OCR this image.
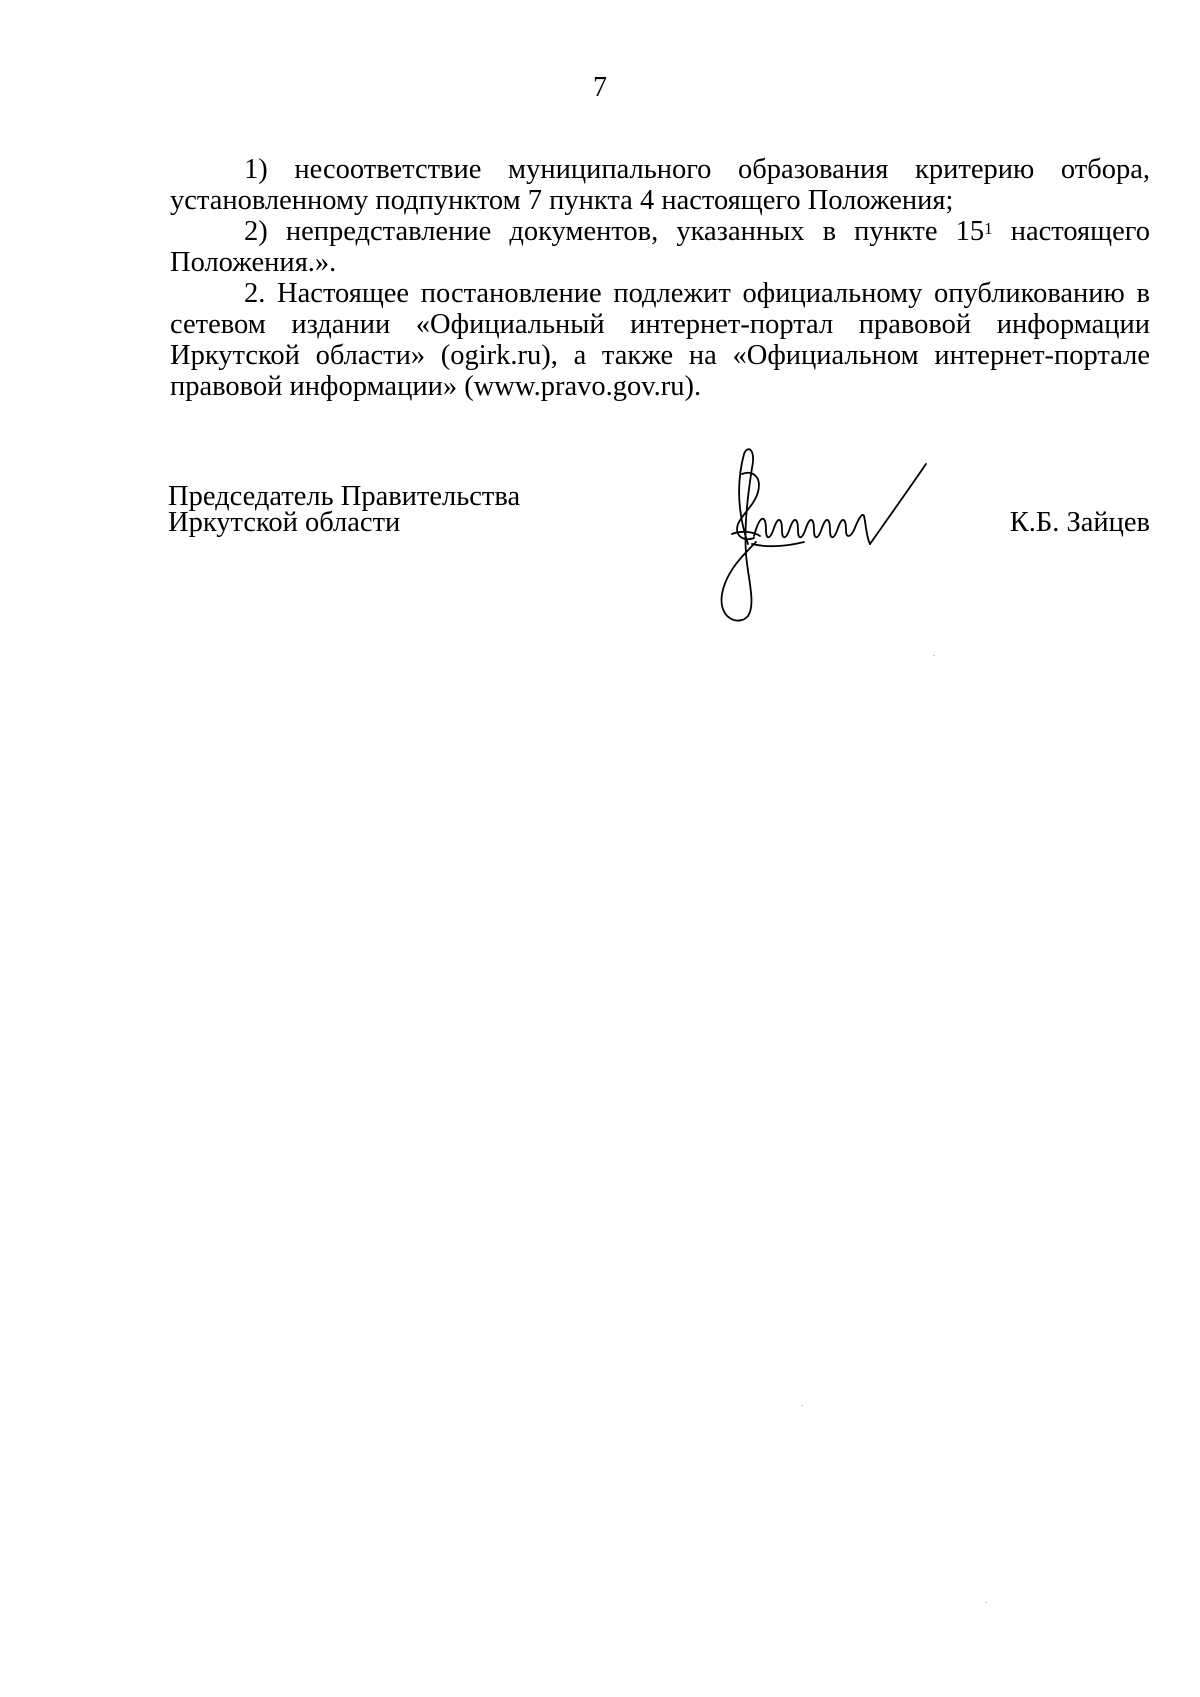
7

1) несоответствие муниципального образования критерию отбора, установленному подпунктом 7 пункта 4 настоящего Положения;

2) непредставление документов, указанных в пункте $15^1$ настоящего Положения.».

2. Настоящее постановление подлежит официальному опубликованию в сетевом издании «Официальный интернет-портал правовой информации Иркутской области» (ogirk.ru), а также на «Официальном интернет-портале правовой информации» (www.pravo.gov.ru).

Председатель Правительства
Иркутской области	К.Б. Зайцев
